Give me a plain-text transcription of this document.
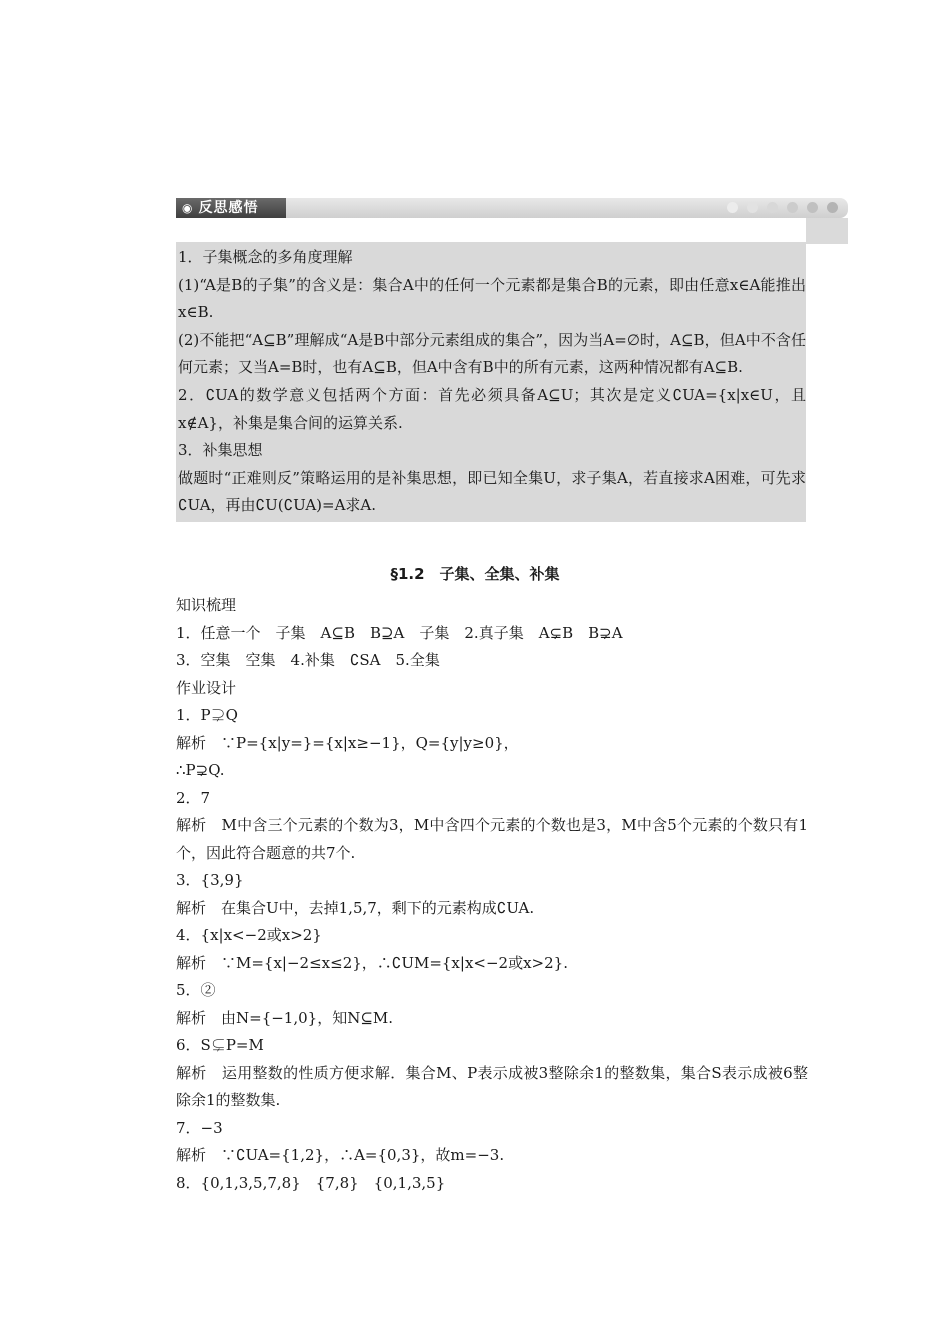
◉ 反思感悟

1．子集概念的多角度理解

(1)“A是B的子集”的含义是：集合A中的任何一个元素都是集合B的元素，即由任意x∈A能推出x∈B.

(2)不能把“A⊆B”理解成“A是B中部分元素组成的集合”，因为当A=∅时，A⊆B，但A中不含任何元素；又当A=B时，也有A⊆B，但A中含有B中的所有元素，这两种情况都有A⊆B.

2．∁UA的数学意义包括两个方面：首先必须具备A⊆U；其次是定义∁UA={x|x∈U，且x∉A}，补集是集合间的运算关系.

3．补集思想

做题时“正难则反”策略运用的是补集思想，即已知全集U，求子集A，若直接求A困难，可先求∁UA，再由∁U(∁UA)=A求A.

§1.2　子集、全集、补集

知识梳理

1．任意一个　子集　A⊆B　B⊇A　子集　2.真子集　A⊊B　B⊋A

3．空集　空集　4.补集　∁SA　5.全集

作业设计

1．P⊋Q

解析　∵P={x|y=}={x|x≥−1}，Q={y|y≥0}，

∴P⊋Q.

2．7

解析　M中含三个元素的个数为3，M中含四个元素的个数也是3，M中含5个元素的个数只有1个，因此符合题意的共7个.

3．{3,9}

解析　在集合U中，去掉1,5,7，剩下的元素构成∁UA.

4．{x|x<−2或x>2}

解析　∵M={x|−2≤x≤2}，∴∁UM={x|x<−2或x>2}.

5．②

解析　由N={−1,0}，知N⊆M.

6．S⊊P=M

解析　运用整数的性质方便求解．集合M、P表示成被3整除余1的整数集，集合S表示成被6整除余1的整数集.

7．−3

解析　∵∁UA={1,2}，∴A={0,3}，故m=−3.

8．{0,1,3,5,7,8}　{7,8}　{0,1,3,5}
